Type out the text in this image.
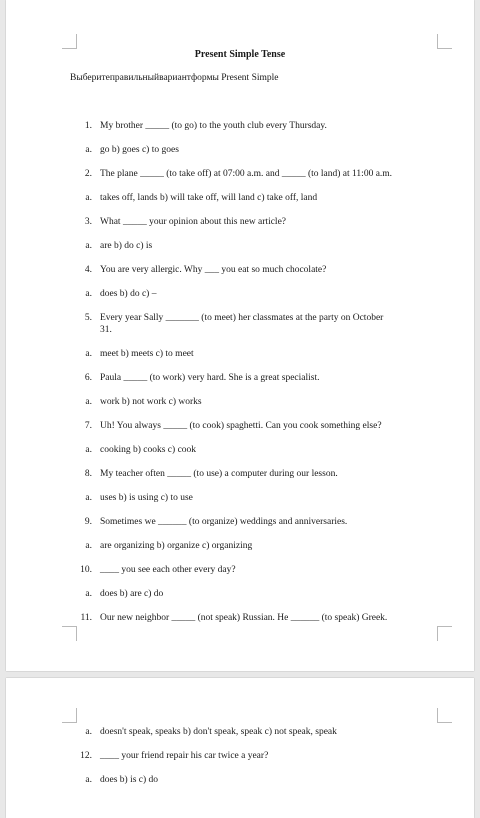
Present Simple Tense
Выберитеправильныйвариантформы Present Simple
1. My brother _____ (to go) to the youth club every Thursday.
a. go b) goes c) to goes
2. The plane _____ (to take off) at 07:00 a.m. and _____ (to land) at 11:00 a.m.
a. takes off, lands b) will take off, will land c) take off, land
3. What _____ your opinion about this new article?
a. are b) do c) is
4. You are very allergic. Why ___ you eat so much chocolate?
a. does b) do c) –
5. Every year Sally _______ (to meet) her classmates at the party on October
31.
a. meet b) meets c) to meet
6. Paula _____ (to work) very hard. She is a great specialist.
a. work b) not work c) works
7. Uh! You always _____ (to cook) spaghetti. Can you cook something else?
a. cooking b) cooks c) cook
8. My teacher often _____ (to use) a computer during our lesson.
a. uses b) is using c) to use
9. Sometimes we ______ (to organize) weddings and anniversaries.
a. are organizing b) organize c) organizing
10. ____ you see each other every day?
a. does b) are c) do
11. Our new neighbor _____ (not speak) Russian. He ______ (to speak) Greek.
a. doesn't speak, speaks b) don't speak, speak c) not speak, speak
12. ____ your friend repair his car twice a year?
a. does b) is c) do
